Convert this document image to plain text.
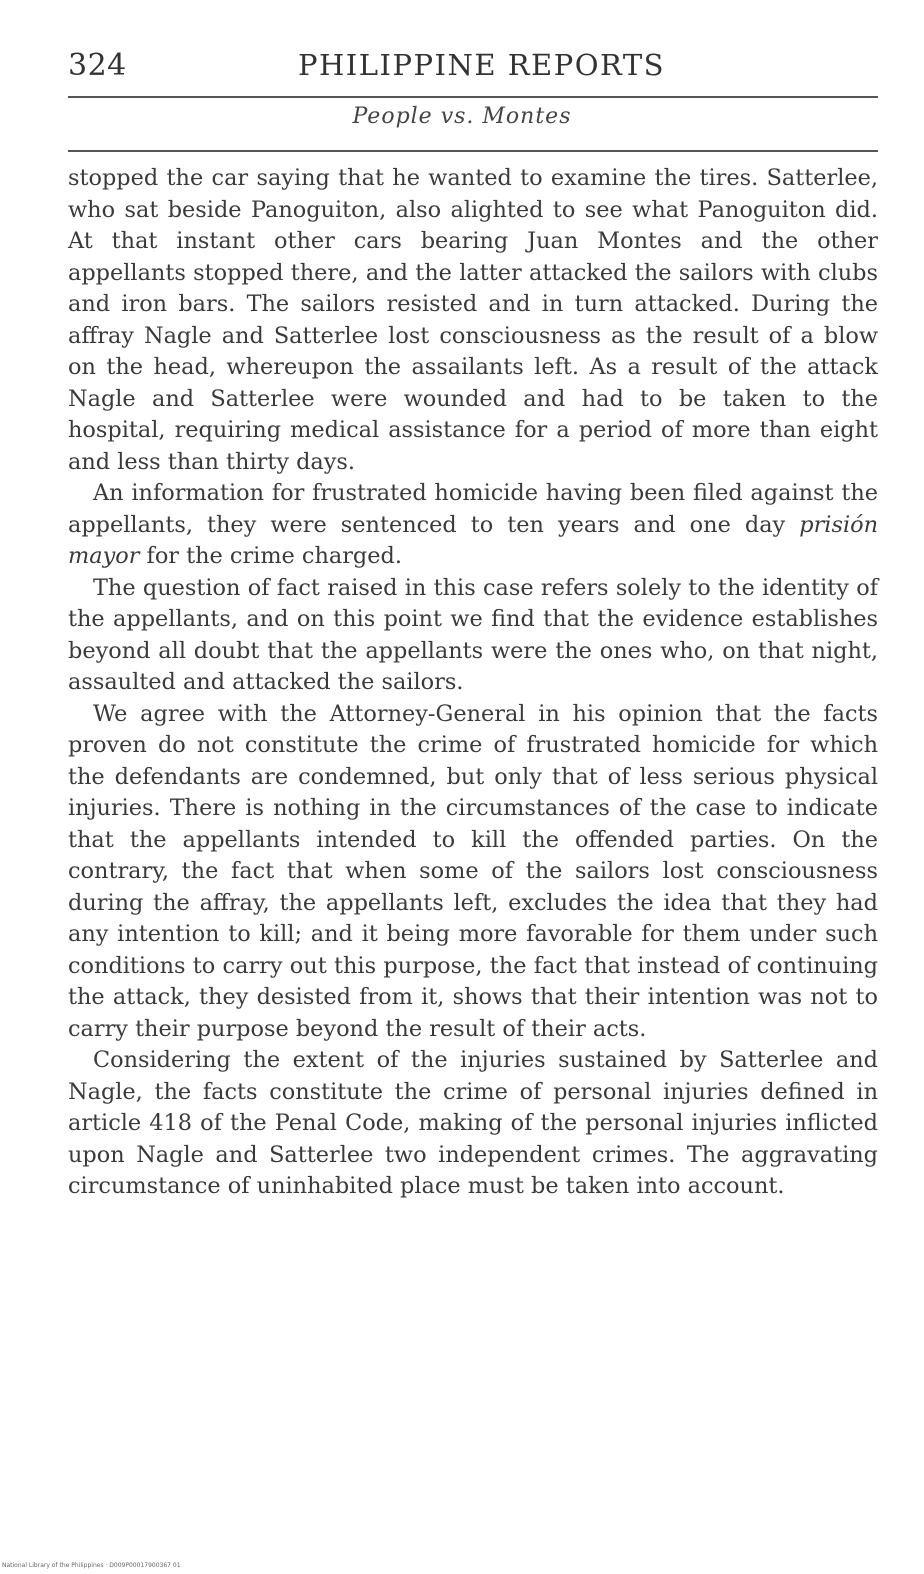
324	PHILIPPINE REPORTS
People vs. Montes

stopped the car saying that he wanted to examine the tires. Satterlee, who sat beside Panoguiton, also alighted to see what Panoguiton did. At that instant other cars bearing Juan Montes and the other appellants stopped there, and the latter attacked the sailors with clubs and iron bars. The sailors resisted and in turn attacked. During the affray Nagle and Satterlee lost consciousness as the result of a blow on the head, whereupon the assailants left. As a result of the attack Nagle and Satterlee were wounded and had to be taken to the hospital, requiring medical assistance for a period of more than eight and less than thirty days.

An information for frustrated homicide having been filed against the appellants, they were sentenced to ten years and one day prisión mayor for the crime charged.

The question of fact raised in this case refers solely to the identity of the appellants, and on this point we find that the evidence establishes beyond all doubt that the appellants were the ones who, on that night, assaulted and attacked the sailors.

We agree with the Attorney-General in his opinion that the facts proven do not constitute the crime of frustrated homicide for which the defendants are condemned, but only that of less serious physical injuries. There is nothing in the circumstances of the case to indicate that the appellants intended to kill the offended parties. On the contrary, the fact that when some of the sailors lost consciousness during the affray, the appellants left, excludes the idea that they had any intention to kill; and it being more favorable for them under such conditions to carry out this purpose, the fact that instead of continuing the attack, they desisted from it, shows that their intention was not to carry their purpose beyond the result of their acts.

Considering the extent of the injuries sustained by Satterlee and Nagle, the facts constitute the crime of personal injuries defined in article 418 of the Penal Code, making of the personal injuries inflicted upon Nagle and Satterlee two independent crimes. The aggravating circumstance of uninhabited place must be taken into account.

National Library of the Philippines · D009P00017900367 01
